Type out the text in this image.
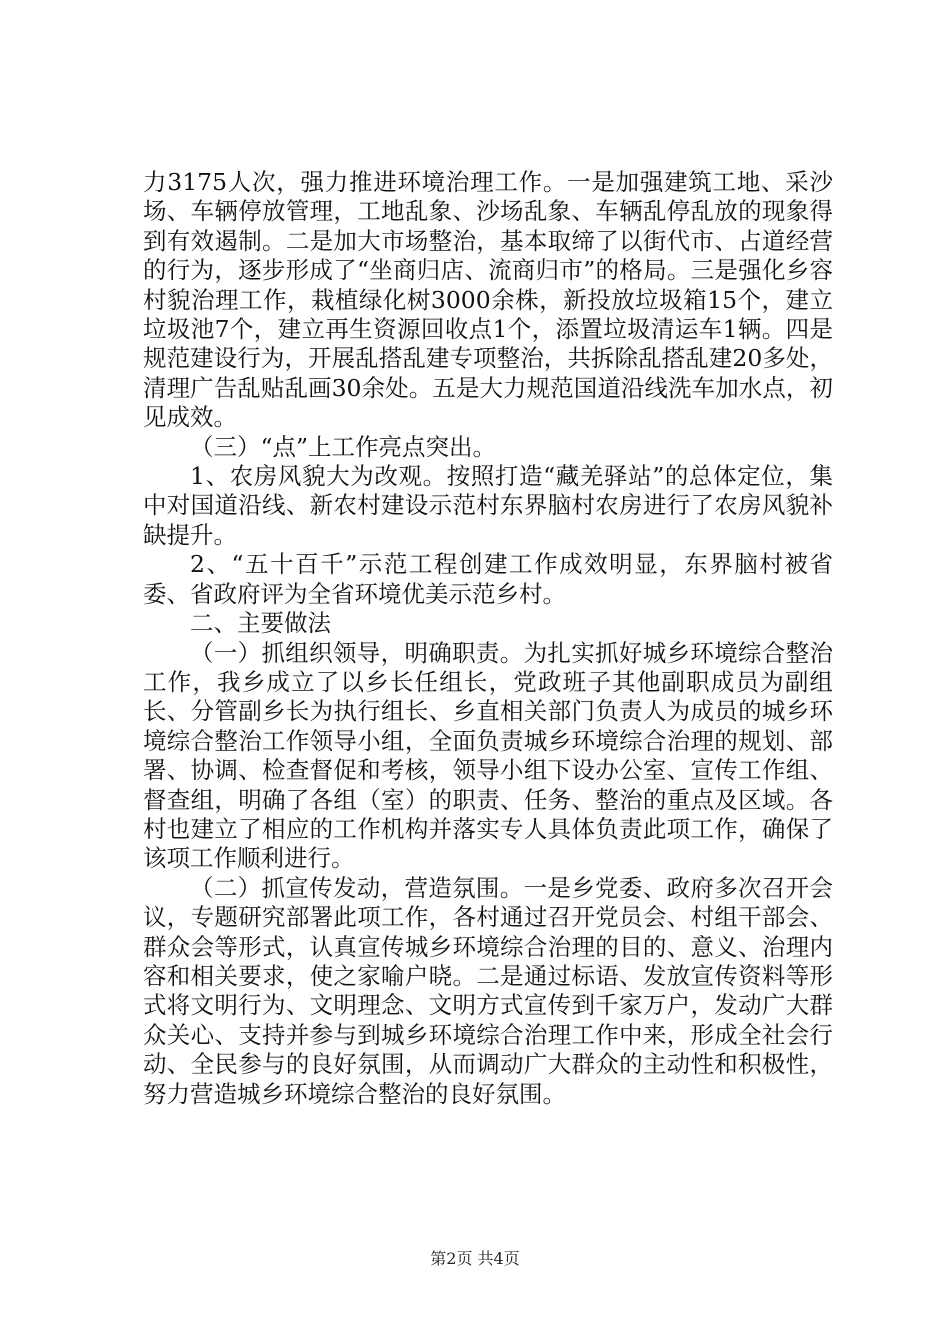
力3175人次，强力推进环境治理工作。一是加强建筑工地、采沙场、车辆停放管理，工地乱象、沙场乱象、车辆乱停乱放的现象得到有效遏制。二是加大市场整治，基本取缔了以街代市、占道经营的行为，逐步形成了“坐商归店、流商归市”的格局。三是强化乡容村貌治理工作，栽植绿化树3000余株，新投放垃圾箱15个，建立垃圾池7个，建立再生资源回收点1个，添置垃圾清运车1辆。四是规范建设行为，开展乱搭乱建专项整治，共拆除乱搭乱建20多处，清理广告乱贴乱画30余处。五是大力规范国道沿线洗车加水点，初见成效。

（三）“点”上工作亮点突出。

1、农房风貌大为改观。按照打造“藏羌驿站”的总体定位，集中对国道沿线、新农村建设示范村东界脑村农房进行了农房风貌补缺提升。

2、“五十百千”示范工程创建工作成效明显，东界脑村被省委、省政府评为全省环境优美示范乡村。

二、主要做法

（一）抓组织领导，明确职责。为扎实抓好城乡环境综合整治工作，我乡成立了以乡长任组长，党政班子其他副职成员为副组长、分管副乡长为执行组长、乡直相关部门负责人为成员的城乡环境综合整治工作领导小组，全面负责城乡环境综合治理的规划、部署、协调、检查督促和考核，领导小组下设办公室、宣传工作组、督查组，明确了各组（室）的职责、任务、整治的重点及区域。各村也建立了相应的工作机构并落实专人具体负责此项工作，确保了该项工作顺利进行。

（二）抓宣传发动，营造氛围。一是乡党委、政府多次召开会议，专题研究部署此项工作，各村通过召开党员会、村组干部会、群众会等形式，认真宣传城乡环境综合治理的目的、意义、治理内容和相关要求，使之家喻户晓。二是通过标语、发放宣传资料等形式将文明行为、文明理念、文明方式宣传到千家万户，发动广大群众关心、支持并参与到城乡环境综合治理工作中来，形成全社会行动、全民参与的良好氛围，从而调动广大群众的主动性和积极性，努力营造城乡环境综合整治的良好氛围。

第2页 共4页
